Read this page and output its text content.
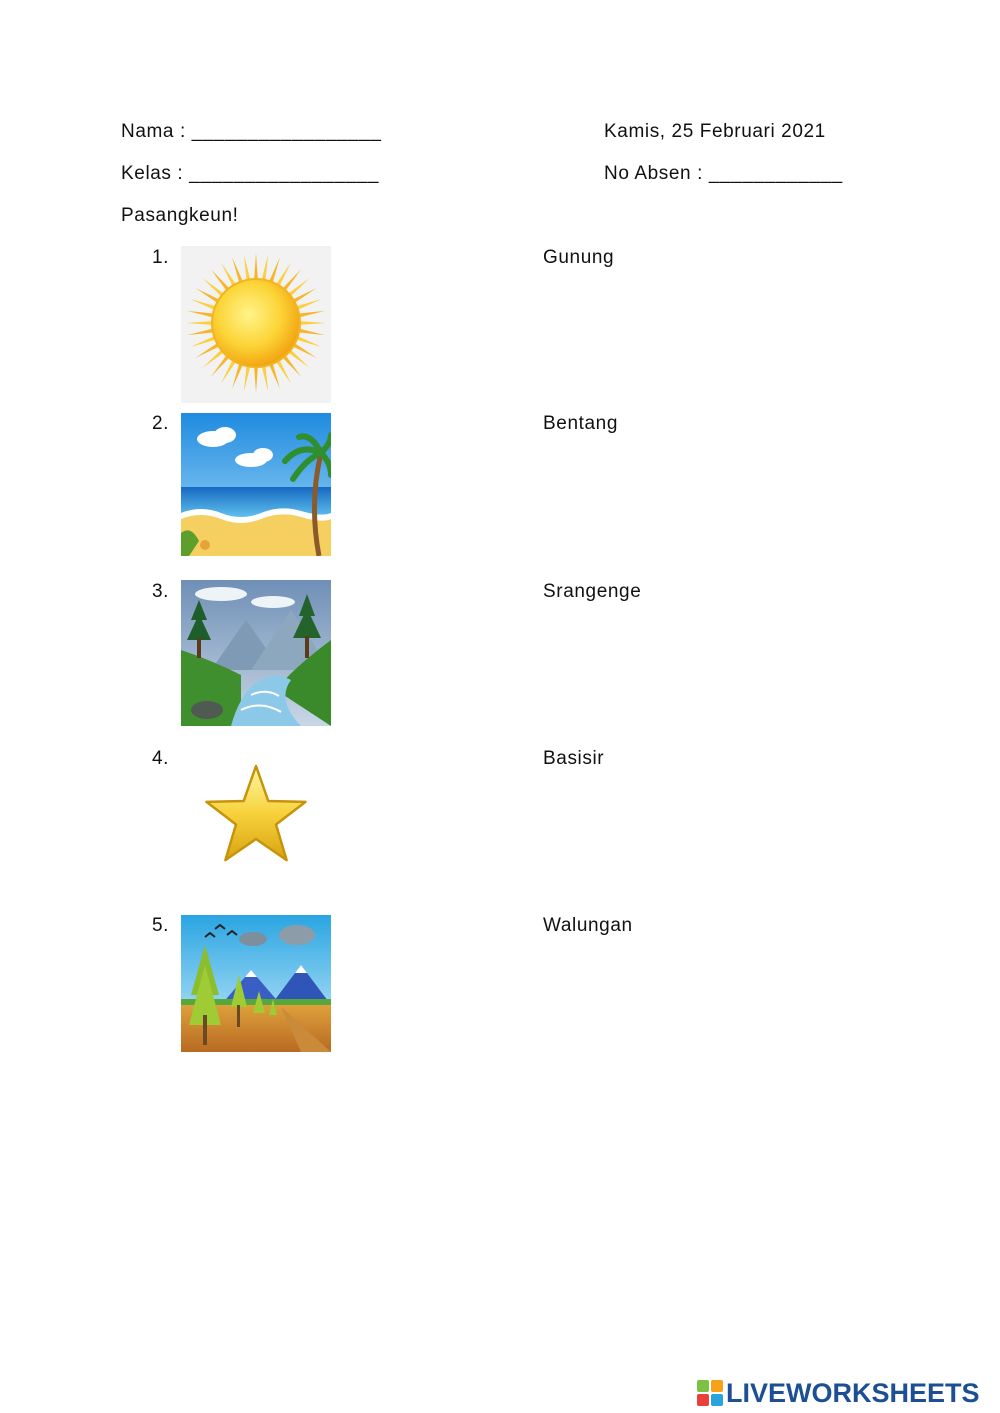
Nama : _________________	Kamis, 25 Februari 2021
Kelas : _________________	No Absen : ____________
Pasangkeun!
1.	Gunung
2.	Bentang
3.	Srangenge
4.	Basisir
5.	Walungan
LIVEWORKSHEETS
